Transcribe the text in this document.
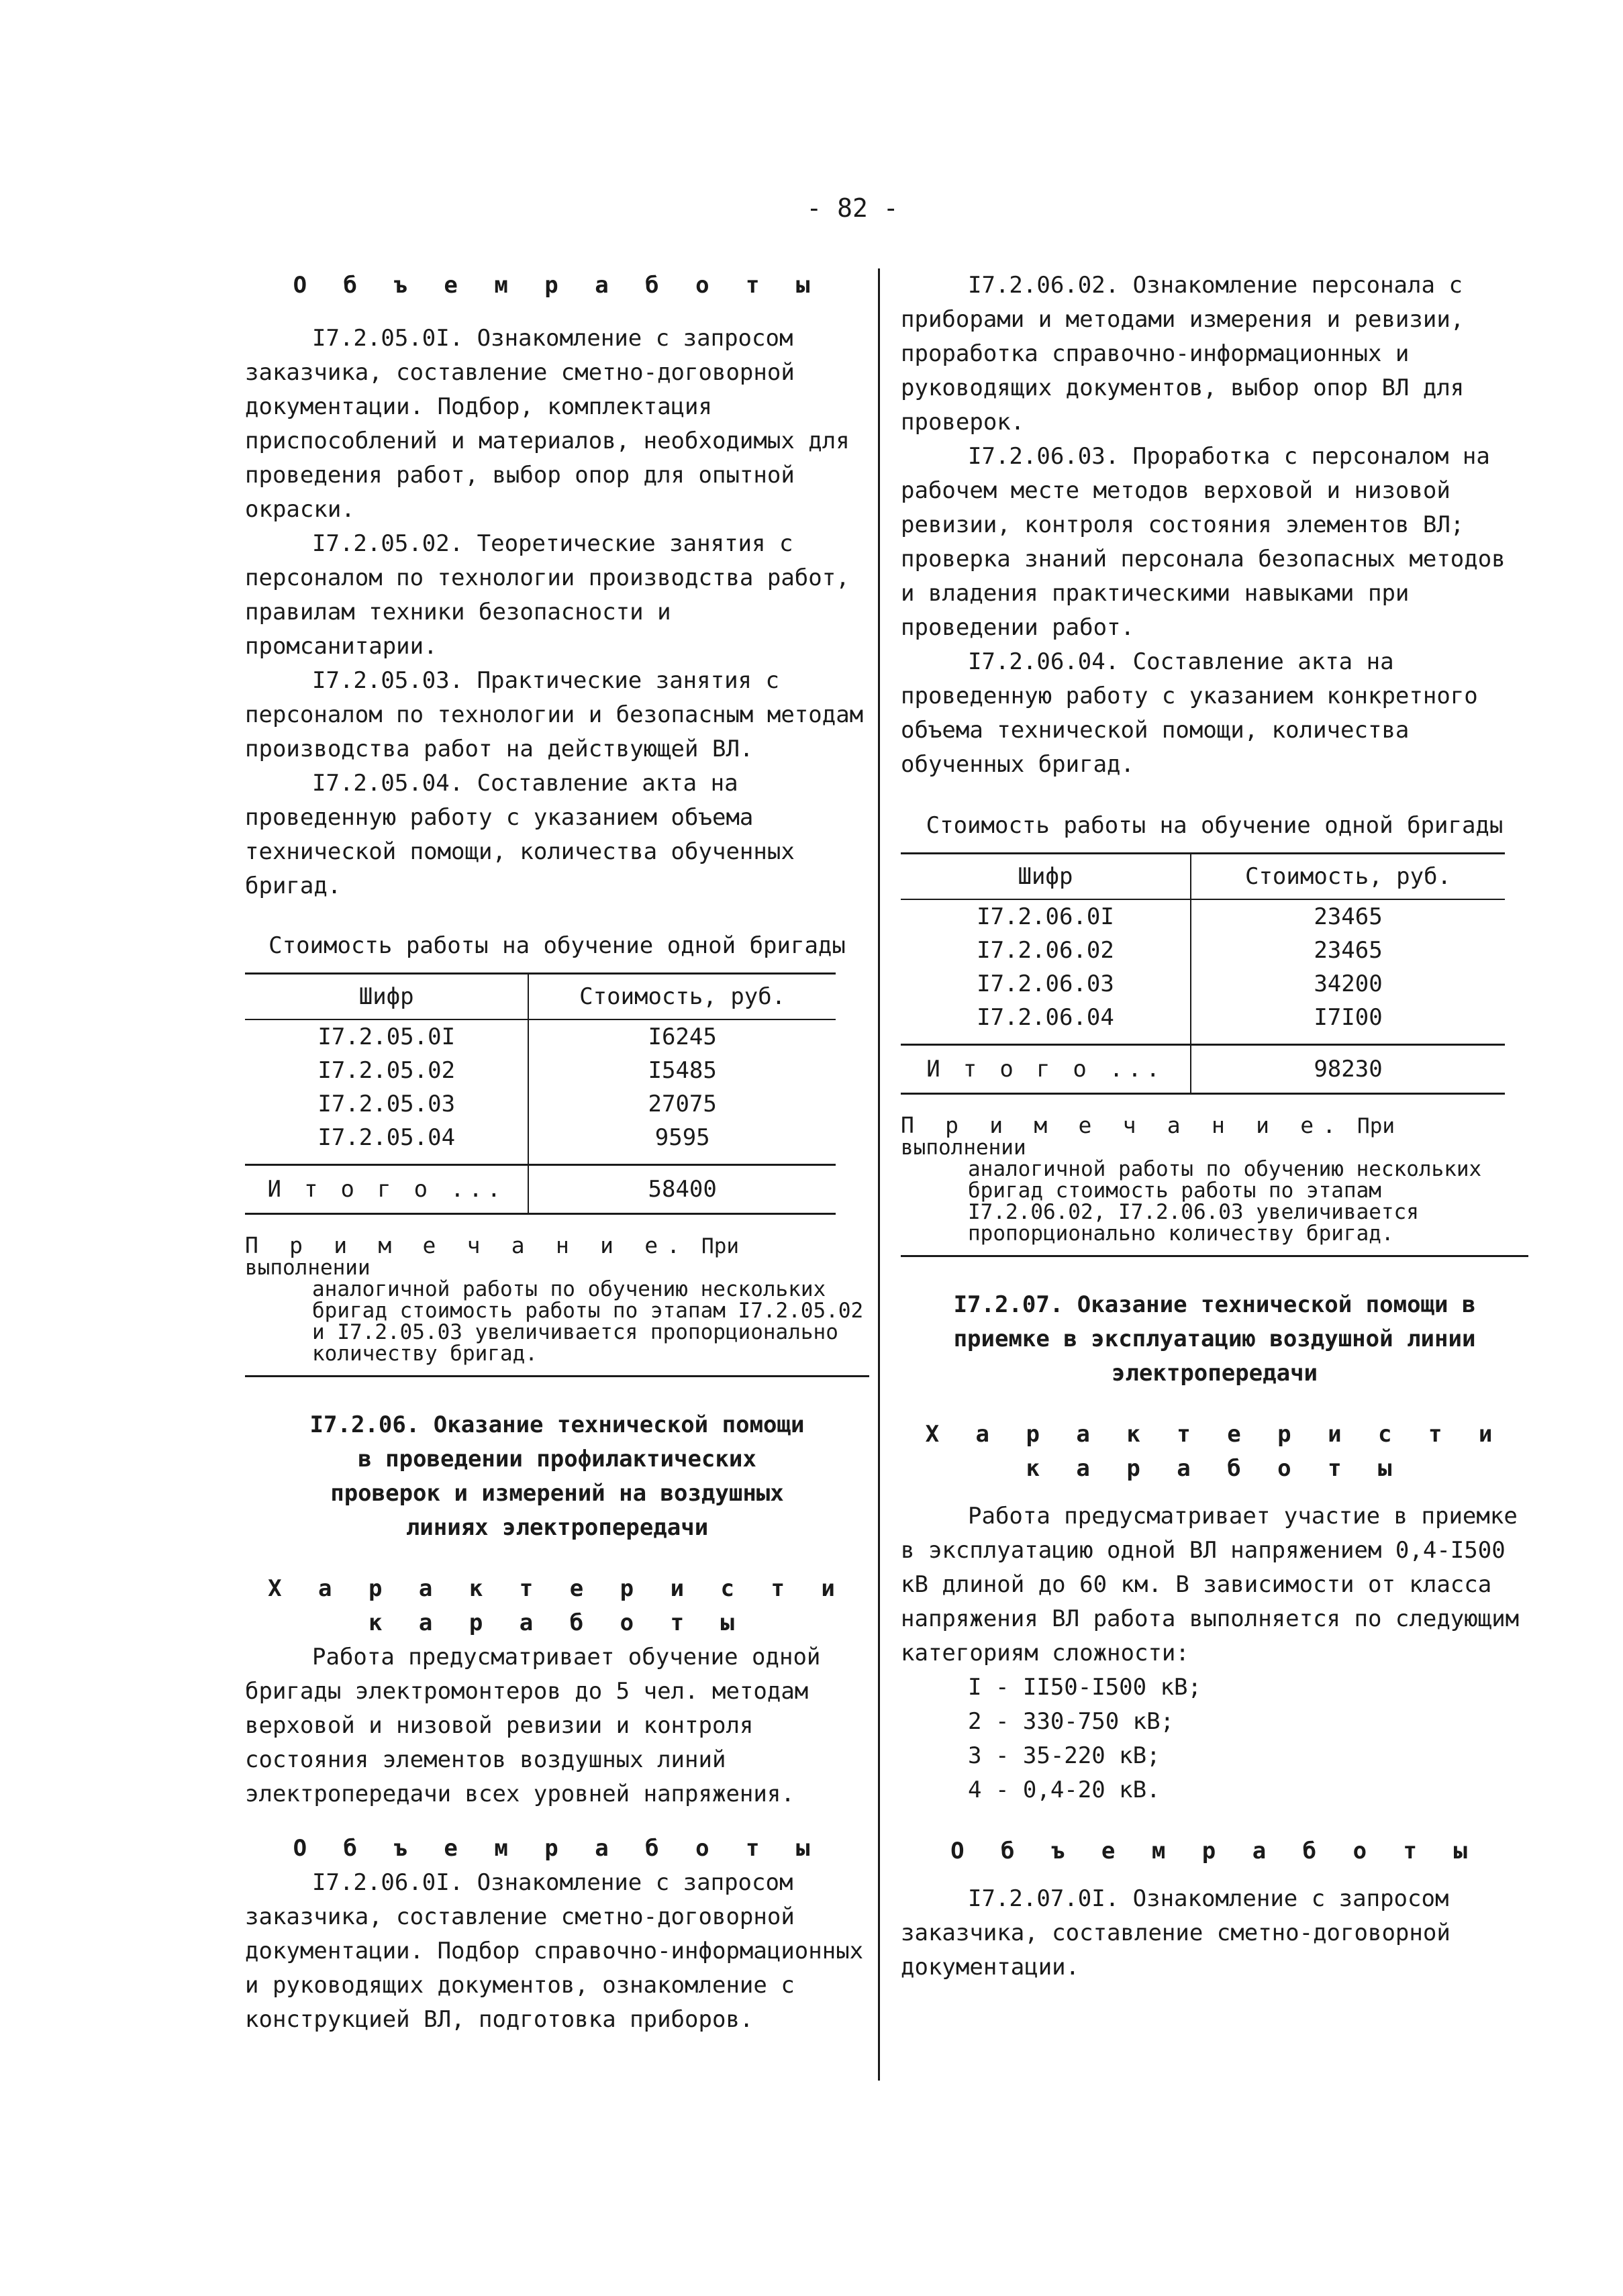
- 82 -

О б ъ е м р а б о т ы

I7.2.05.0I. Ознакомление с запросом заказчика, составление сметно-договорной документации. Подбор, комплектация приспособлений и материалов, необходимых для проведения работ, выбор опор для опытной окраски.

I7.2.05.02. Теоретические занятия с персоналом по технологии производства работ, правилам техники безопасности и промсанитарии.

I7.2.05.03. Практические занятия с персоналом по технологии и безопасным методам производства работ на действующей ВЛ.

I7.2.05.04. Составление акта на проведенную работу с указанием объема технической помощи, количества обученных бригад.

Стоимость работы на обучение одной бригады

Шифр	Стоимость, руб.
I7.2.05.0I	I6245
I7.2.05.02	I5485
I7.2.05.03	27075
I7.2.05.04	9595
И т о г о ...	58400

П р и м е ч а н и е. При выполнении

аналогичной работы по обучению нескольких бригад стоимость работы по этапам I7.2.05.02 и I7.2.05.03 увеличивается пропорционально количеству бригад.

I7.2.06. Оказание технической помощи в проведении профилактических проверок и измерений на воздушных линиях электропередачи

Х а р а к т е р и с т и к а р а б о т ы

Работа предусматривает обучение одной бригады электромонтеров до 5 чел. методам верховой и низовой ревизии и контроля состояния элементов воздушных линий электропередачи всех уровней напряжения.

О б ъ е м р а б о т ы

I7.2.06.0I. Ознакомление с запросом заказчика, составление сметно-договорной документации. Подбор справочно-информационных и руководящих документов, ознакомление с конструкцией ВЛ, подготовка приборов.

I7.2.06.02. Ознакомление персонала с приборами и методами измерения и ревизии, проработка справочно-информационных и руководящих документов, выбор опор ВЛ для проверок.

I7.2.06.03. Проработка с персоналом на рабочем месте методов верховой и низовой ревизии, контроля состояния элементов ВЛ; проверка знаний персонала безопасных методов и владения практическими навыками при проведении работ.

I7.2.06.04. Составление акта на проведенную работу с указанием конкретного объема технической помощи, количества обученных бригад.

Стоимость работы на обучение одной бригады

Шифр	Стоимость, руб.
I7.2.06.0I	23465
I7.2.06.02	23465
I7.2.06.03	34200
I7.2.06.04	I7I00
И т о г о ...	98230

П р и м е ч а н и е. При выполнении

аналогичной работы по обучению нескольких бригад стоимость работы по этапам I7.2.06.02, I7.2.06.03 увеличивается пропорционально количеству бригад.

I7.2.07. Оказание технической помощи в приемке в эксплуатацию воздушной линии электропередачи

Х а р а к т е р и с т и к а р а б о т ы

Работа предусматривает участие в приемке в эксплуатацию одной ВЛ напряжением 0,4-I500 кВ длиной до 60 км. В зависимости от класса напряжения ВЛ работа выполняется по следующим категориям сложности:

I - II50-I500 кВ;

2 - 330-750 кВ;

3 - 35-220 кВ;

4 - 0,4-20 кВ.

О б ъ е м р а б о т ы

I7.2.07.0I. Ознакомление с запросом заказчика, составление сметно-договорной документации.
